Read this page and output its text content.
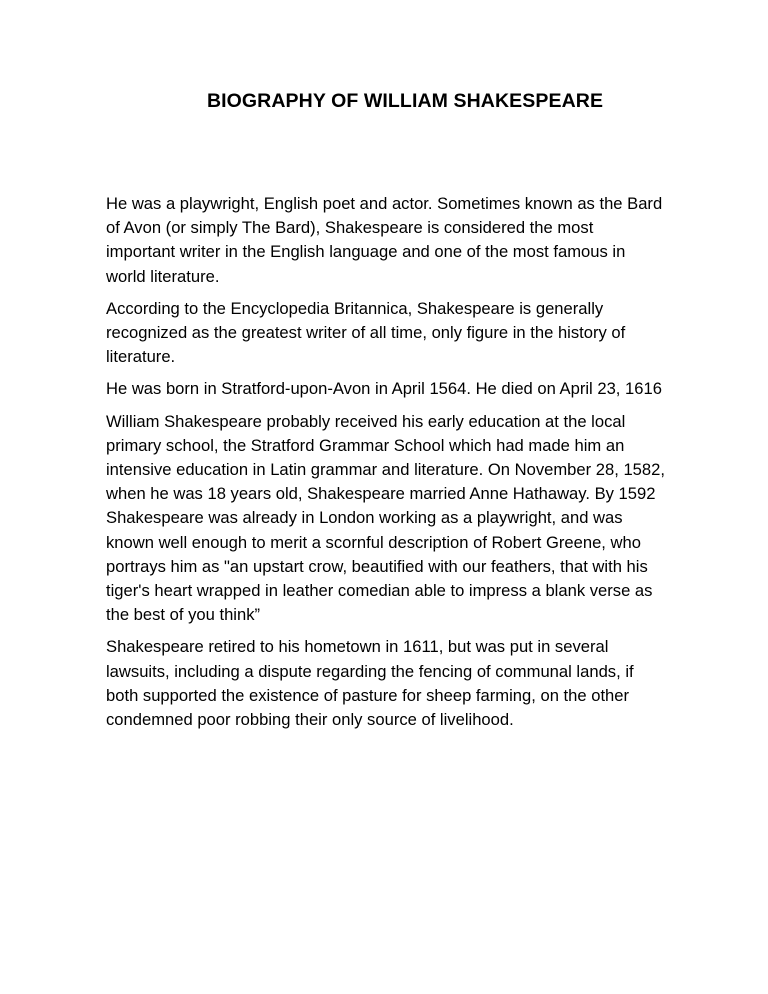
BIOGRAPHY OF WILLIAM SHAKESPEARE

He was a playwright, English poet and actor. Sometimes known as the Bard of Avon (or simply The Bard), Shakespeare is considered the most important writer in the English language and one of the most famous in world literature.

According to the Encyclopedia Britannica, Shakespeare is generally recognized as the greatest writer of all time, only figure in the history of literature.

He was born in Stratford-upon-Avon in April 1564. He died on April 23, 1616

William Shakespeare probably received his early education at the local primary school, the Stratford Grammar School which had made him an intensive education in Latin grammar and literature. On November 28, 1582, when he was 18 years old, Shakespeare married Anne Hathaway. By 1592 Shakespeare was already in London working as a playwright, and was known well enough to merit a scornful description of Robert Greene, who portrays him as "an upstart crow, beautified with our feathers, that with his tiger's heart wrapped in leather comedian able to impress a blank verse as the best of you think”

Shakespeare retired to his hometown in 1611, but was put in several lawsuits, including a dispute regarding the fencing of communal lands, if both supported the existence of pasture for sheep farming, on the other condemned poor robbing their only source of livelihood.
